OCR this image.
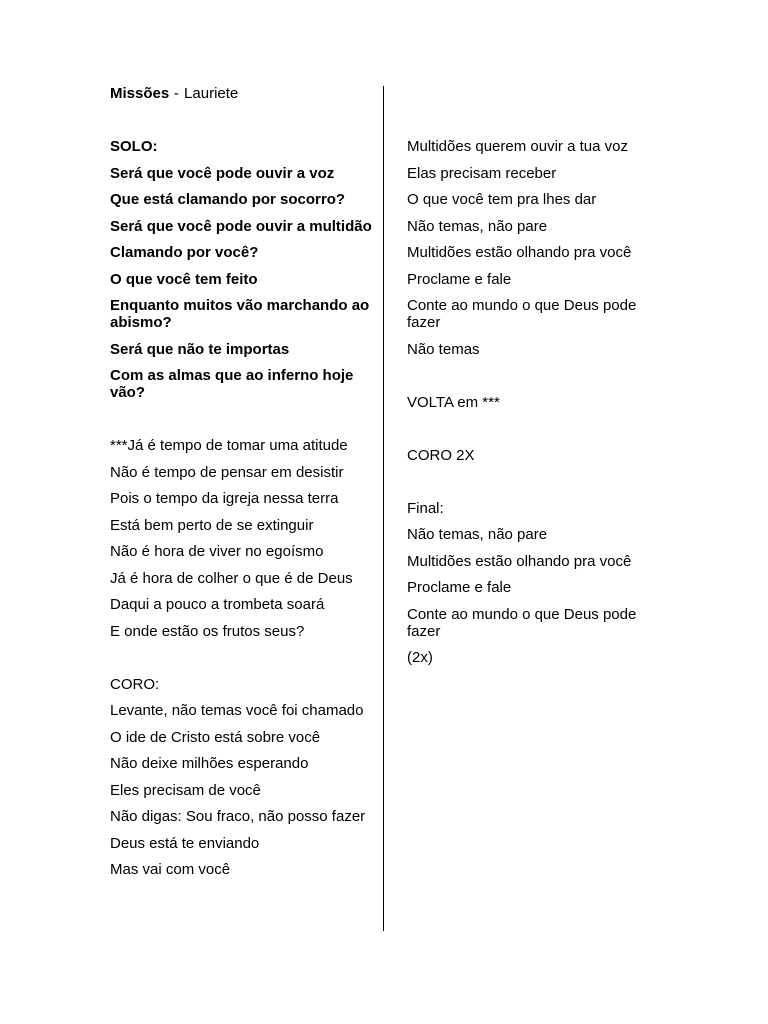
Missões - Lauriete
SOLO:
Será que você pode ouvir a voz
Que está clamando por socorro?
Será que você pode ouvir a multidão
Clamando por você?
O que você tem feito
Enquanto muitos vão marchando ao abismo?
Será que não te importas
Com as almas que ao inferno hoje vão?
***Já é tempo de tomar uma atitude
Não é tempo de pensar em desistir
Pois o tempo da igreja nessa terra
Está bem perto de se extinguir
Não é hora de viver no egoísmo
Já é hora de colher o que é de Deus
Daqui a pouco a trombeta soará
E onde estão os frutos seus?
CORO:
Levante, não temas você foi chamado
O ide de Cristo está sobre você
Não deixe milhões esperando
Eles precisam de você
Não digas: Sou fraco, não posso fazer
Deus está te enviando
Mas vai com você
Multidões querem ouvir a tua voz
Elas precisam receber
O que você tem pra lhes dar
Não temas, não pare
Multidões estão olhando pra você
Proclame e fale
Conte ao mundo o que Deus pode fazer
Não temas
VOLTA em ***
CORO 2X
Final:
Não temas, não pare
Multidões estão olhando pra você
Proclame e fale
Conte ao mundo o que Deus pode fazer
(2x)
